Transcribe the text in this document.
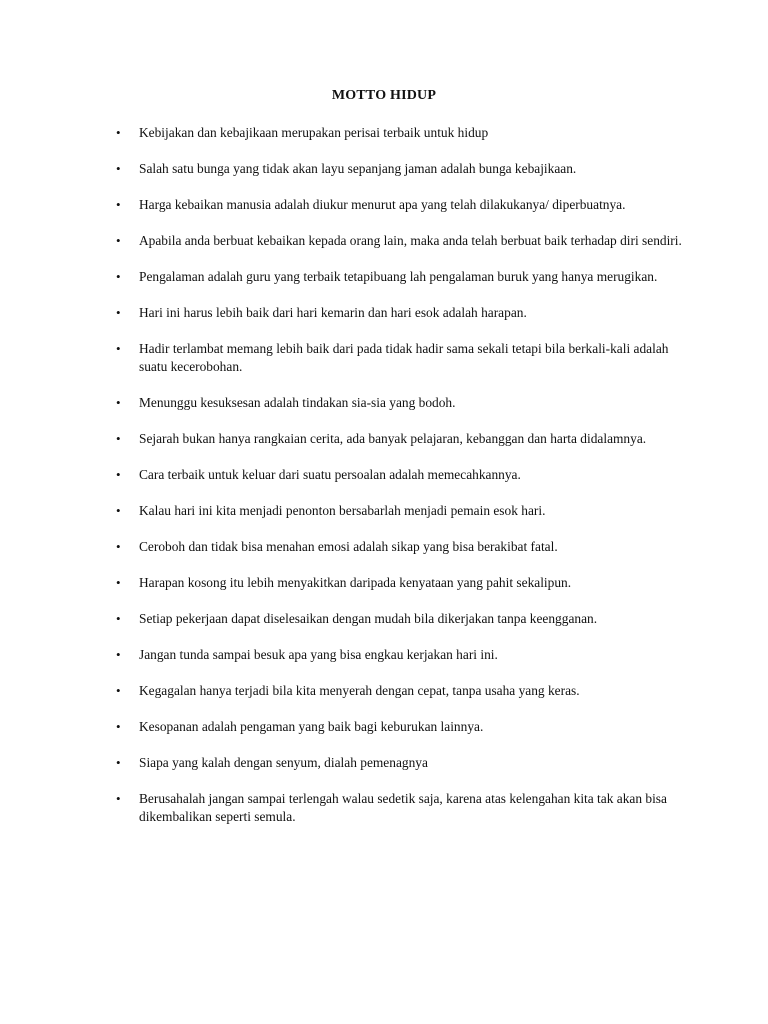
MOTTO HIDUP
• Kebijakan dan kebajikaan merupakan perisai terbaik untuk hidup
• Salah satu bunga yang tidak akan layu sepanjang jaman adalah bunga kebajikaan.
• Harga kebaikan manusia adalah diukur menurut apa yang telah dilakukanya/ diperbuatnya.
• Apabila anda berbuat kebaikan kepada orang lain, maka anda telah berbuat baik terhadap diri sendiri.
• Pengalaman adalah guru yang terbaik tetapibuang lah pengalaman buruk yang hanya merugikan.
• Hari ini harus lebih baik dari hari kemarin dan hari esok adalah harapan.
• Hadir terlambat memang lebih baik dari pada tidak hadir sama sekali tetapi bila berkali-kali adalah suatu kecerobohan.
• Menunggu kesuksesan adalah tindakan sia-sia yang bodoh.
• Sejarah bukan hanya rangkaian cerita, ada banyak pelajaran, kebanggan dan harta didalamnya.
• Cara terbaik untuk keluar dari suatu persoalan adalah memecahkannya.
• Kalau hari ini kita menjadi penonton bersabarlah menjadi pemain esok hari.
• Ceroboh dan tidak bisa menahan emosi adalah sikap yang bisa berakibat fatal.
• Harapan kosong itu lebih menyakitkan daripada kenyataan yang pahit sekalipun.
• Setiap pekerjaan dapat diselesaikan dengan mudah bila dikerjakan tanpa keengganan.
• Jangan tunda sampai besuk apa yang bisa engkau kerjakan hari ini.
• Kegagalan hanya terjadi bila kita menyerah dengan cepat, tanpa usaha yang keras.
• Kesopanan adalah pengaman yang baik bagi keburukan lainnya.
• Siapa yang kalah dengan senyum, dialah pemenagnya
• Berusahalah jangan sampai terlengah walau sedetik saja, karena atas kelengahan kita tak akan bisa dikembalikan seperti semula.
